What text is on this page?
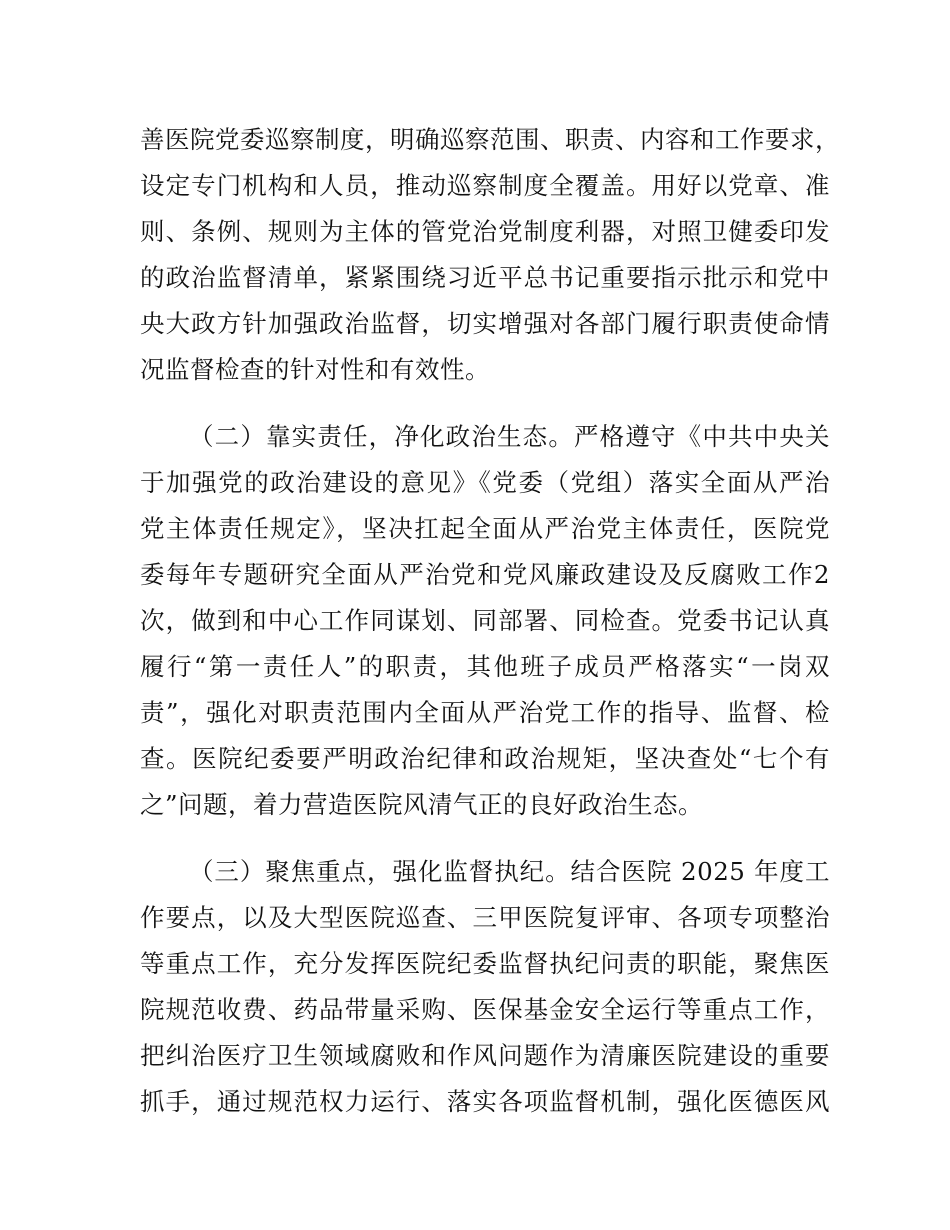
善医院党委巡察制度，明确巡察范围、职责、内容和工作要求，
设定专门机构和人员，推动巡察制度全覆盖。用好以党章、准
则、条例、规则为主体的管党治党制度利器，对照卫健委印发
的政治监督清单，紧紧围绕习近平总书记重要指示批示和党中
央大政方针加强政治监督，切实增强对各部门履行职责使命情
况监督检查的针对性和有效性。
（二）靠实责任，净化政治生态。严格遵守《中共中央关
于加强党的政治建设的意见》《党委（党组）落实全面从严治
党主体责任规定》，坚决扛起全面从严治党主体责任，医院党
委每年专题研究全面从严治党和党风廉政建设及反腐败工作2
次，做到和中心工作同谋划、同部署、同检查。党委书记认真
履行“第一责任人”的职责，其他班子成员严格落实“一岗双
责”，强化对职责范围内全面从严治党工作的指导、监督、检
查。医院纪委要严明政治纪律和政治规矩，坚决查处“七个有
之”问题，着力营造医院风清气正的良好政治生态。
（三）聚焦重点，强化监督执纪。结合医院 2025 年度工
作要点，以及大型医院巡查、三甲医院复评审、各项专项整治
等重点工作，充分发挥医院纪委监督执纪问责的职能，聚焦医
院规范收费、药品带量采购、医保基金安全运行等重点工作，
把纠治医疗卫生领域腐败和作风问题作为清廉医院建设的重要
抓手，通过规范权力运行、落实各项监督机制，强化医德医风
